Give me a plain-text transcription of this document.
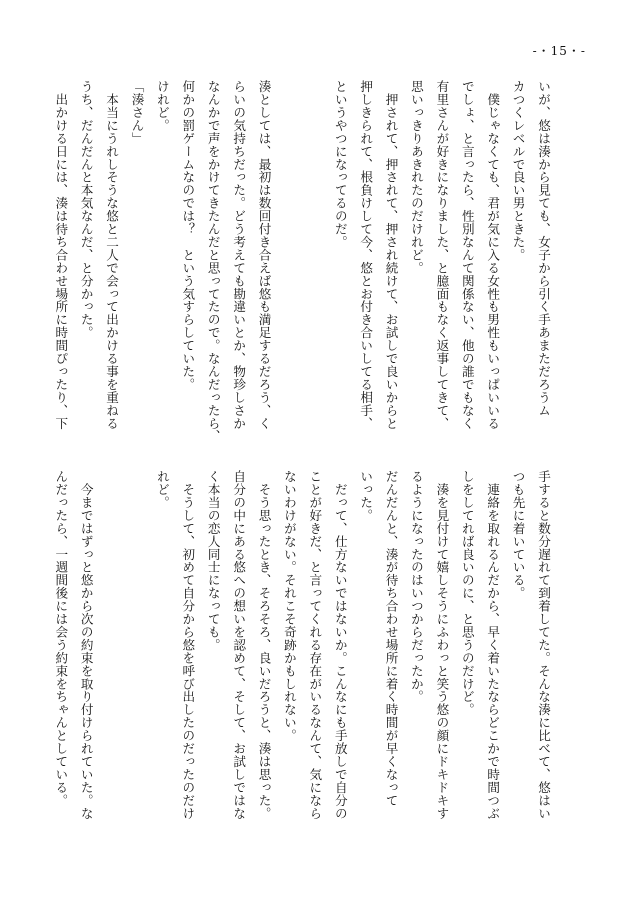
-・15・-

いが、悠は湊から見ても、女子から引く手あまただろうム

カつくレベルで良い男ときた。

　僕じゃなくても、君が気に入る女性も男性もいっぱいいる

でしょ、と言ったら、性別なんて関係ない、他の誰でもなく

有里さんが好きになりました、と臆面もなく返事してきて、

思いっきりあきれたのだけれど。

　押されて、押されて、押され続けて、お試しで良いからと

押しきられて、根負けして今、悠とお付き合いしてる相手、

というやつになってるのだ。

湊としては、最初は数回付き合えば悠も満足するだろう、く

らいの気持ちだった。どう考えても勘違いとか、物珍しさか

なんかで声をかけてきたんだと思ってたので。なんだったら、

何かの罰ゲームなのでは？　という気すらしていた。

けれど。

「湊さん」

　本当にうれしそうな悠と二人で会って出かける事を重ねる

うち、だんだんと本気なんだ、と分かった。

　出かける日には、湊は待ち合わせ場所に時間ぴったり、下

手すると数分遅れて到着してた。そんな湊に比べて、悠はい

つも先に着いている。

　連絡を取れるんだから、早く着いたならどこかで時間つぶ

しをしてれば良いのに、と思うのだけど。

　湊を見付けて嬉しそうにふわっと笑う悠の顔にドキドキす

るようになったのはいつからだったか。

だんだんと、湊が待ち合わせ場所に着く時間が早くなって

いった。

　だって、仕方ないではないか。こんなにも手放しで自分の

ことが好きだ、と言ってくれる存在がいるなんて、気になら

ないわけがない。それこそ奇跡かもしれない。

　そう思ったとき、そろそろ、良いだろうと、湊は思った。

自分の中にある悠への想いを認めて、そして、お試しではな

く本当の恋人同士になっても。

　そうして、初めて自分から悠を呼び出したのだったのだけ

れど。

　今まではずっと悠から次の約束を取り付けられていた。な

んだったら、一週間後には会う約束をちゃんとしている。
